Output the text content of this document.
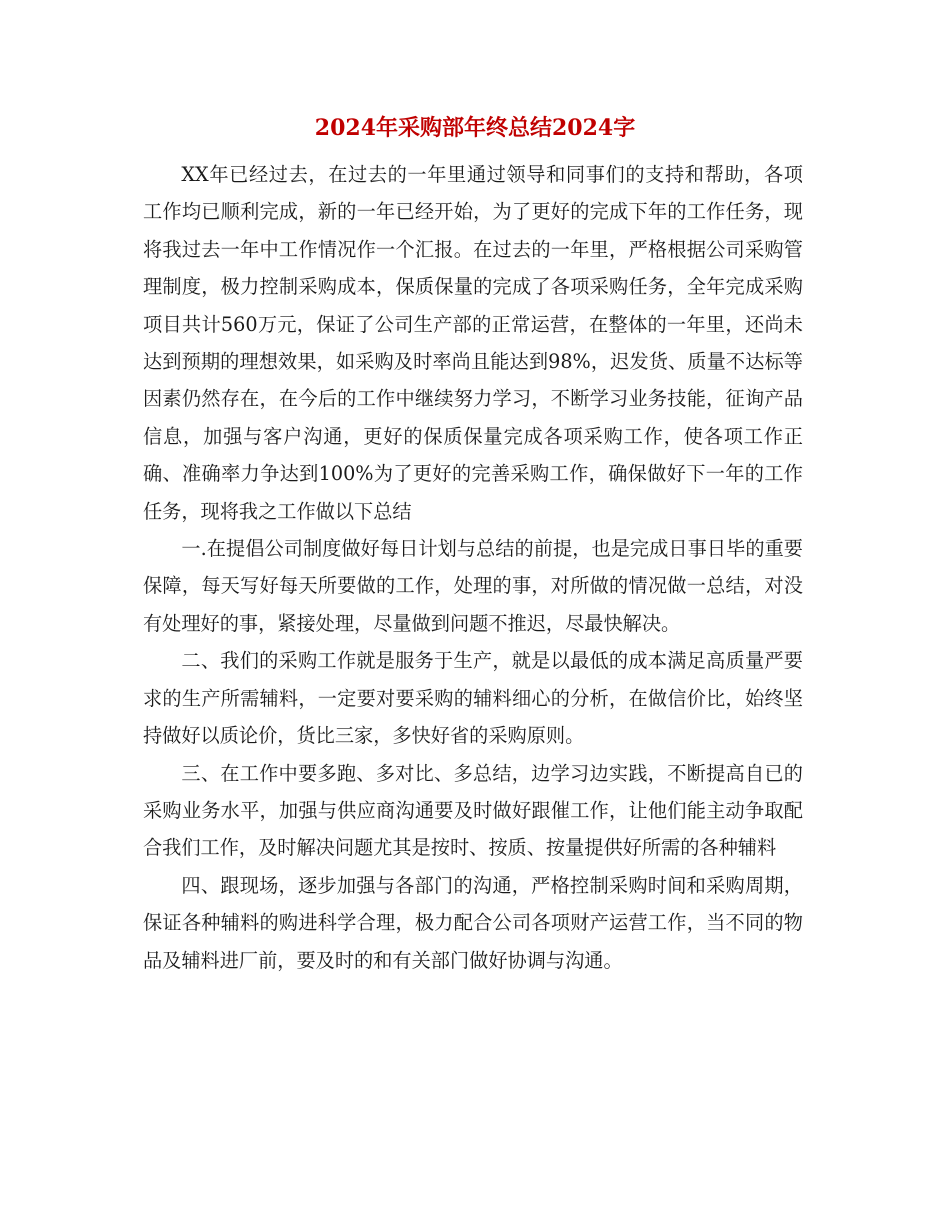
2024年采购部年终总结2024字

XX年已经过去，在过去的一年里通过领导和同事们的支持和帮助，各项工作均已顺利完成，新的一年已经开始，为了更好的完成下年的工作任务，现将我过去一年中工作情况作一个汇报。在过去的一年里，严格根据公司采购管理制度，极力控制采购成本，保质保量的完成了各项采购任务，全年完成采购项目共计560万元，保证了公司生产部的正常运营，在整体的一年里，还尚未达到预期的理想效果，如采购及时率尚且能达到98%，迟发货、质量不达标等因素仍然存在，在今后的工作中继续努力学习，不断学习业务技能，征询产品信息，加强与客户沟通，更好的保质保量完成各项采购工作，使各项工作正确、准确率力争达到100%为了更好的完善采购工作，确保做好下一年的工作任务，现将我之工作做以下总结

一.在提倡公司制度做好每日计划与总结的前提，也是完成日事日毕的重要保障，每天写好每天所要做的工作，处理的事，对所做的情况做一总结，对没有处理好的事，紧接处理，尽量做到问题不推迟，尽最快解决。

二、我们的采购工作就是服务于生产，就是以最低的成本满足高质量严要求的生产所需辅料，一定要对要采购的辅料细心的分析，在做信价比，始终坚持做好以质论价，货比三家，多快好省的采购原则。

三、在工作中要多跑、多对比、多总结，边学习边实践，不断提高自已的采购业务水平，加强与供应商沟通要及时做好跟催工作，让他们能主动争取配合我们工作，及时解决问题尤其是按时、按质、按量提供好所需的各种辅料

四、跟现场，逐步加强与各部门的沟通，严格控制采购时间和采购周期，保证各种辅料的购进科学合理，极力配合公司各项财产运营工作，当不同的物品及辅料进厂前，要及时的和有关部门做好协调与沟通。
